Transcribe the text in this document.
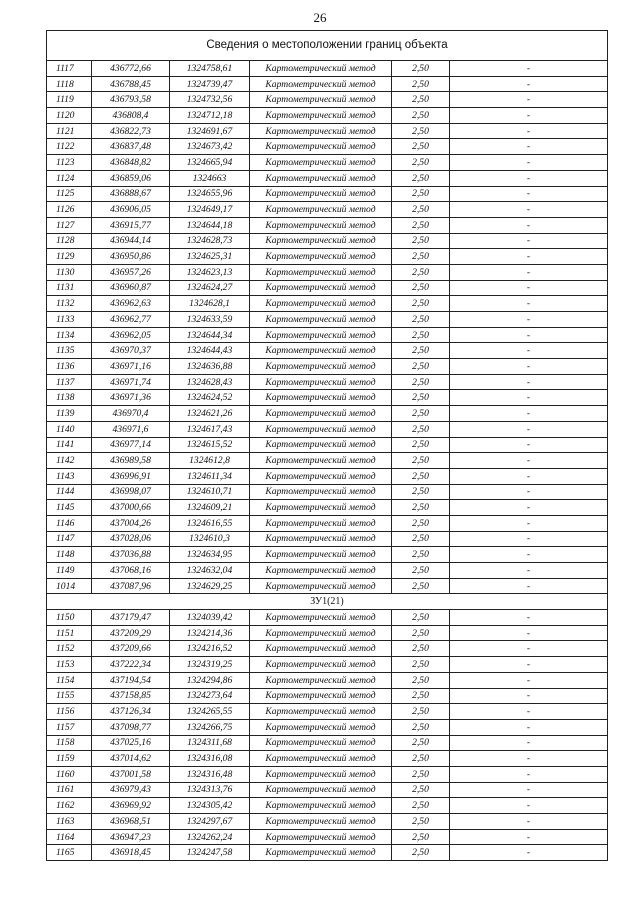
26
Сведения о местоположении границ объекта					
1117	436772,66	1324758,61	Картометрический метод	2,50	-
1118	436788,45	1324739,47	Картометрический метод	2,50	-
1119	436793,58	1324732,56	Картометрический метод	2,50	-
1120	436808,4	1324712,18	Картометрический метод	2,50	-
1121	436822,73	1324691,67	Картометрический метод	2,50	-
1122	436837,48	1324673,42	Картометрический метод	2,50	-
1123	436848,82	1324665,94	Картометрический метод	2,50	-
1124	436859,06	1324663	Картометрический метод	2,50	-
1125	436888,67	1324655,96	Картометрический метод	2,50	-
1126	436906,05	1324649,17	Картометрический метод	2,50	-
1127	436915,77	1324644,18	Картометрический метод	2,50	-
1128	436944,14	1324628,73	Картометрический метод	2,50	-
1129	436950,86	1324625,31	Картометрический метод	2,50	-
1130	436957,26	1324623,13	Картометрический метод	2,50	-
1131	436960,87	1324624,27	Картометрический метод	2,50	-
1132	436962,63	1324628,1	Картометрический метод	2,50	-
1133	436962,77	1324633,59	Картометрический метод	2,50	-
1134	436962,05	1324644,34	Картометрический метод	2,50	-
1135	436970,37	1324644,43	Картометрический метод	2,50	-
1136	436971,16	1324636,88	Картометрический метод	2,50	-
1137	436971,74	1324628,43	Картометрический метод	2,50	-
1138	436971,36	1324624,52	Картометрический метод	2,50	-
1139	436970,4	1324621,26	Картометрический метод	2,50	-
1140	436971,6	1324617,43	Картометрический метод	2,50	-
1141	436977,14	1324615,52	Картометрический метод	2,50	-
1142	436989,58	1324612,8	Картометрический метод	2,50	-
1143	436996,91	1324611,34	Картометрический метод	2,50	-
1144	436998,07	1324610,71	Картометрический метод	2,50	-
1145	437000,66	1324609,21	Картометрический метод	2,50	-
1146	437004,26	1324616,55	Картометрический метод	2,50	-
1147	437028,06	1324610,3	Картометрический метод	2,50	-
1148	437036,88	1324634,95	Картометрический метод	2,50	-
1149	437068,16	1324632,04	Картометрический метод	2,50	-
1014	437087,96	1324629,25	Картометрический метод	2,50	-
ЗУ1(21)					
1150	437179,47	1324039,42	Картометрический метод	2,50	-
1151	437209,29	1324214,36	Картометрический метод	2,50	-
1152	437209,66	1324216,52	Картометрический метод	2,50	-
1153	437222,34	1324319,25	Картометрический метод	2,50	-
1154	437194,54	1324294,86	Картометрический метод	2,50	-
1155	437158,85	1324273,64	Картометрический метод	2,50	-
1156	437126,34	1324265,55	Картометрический метод	2,50	-
1157	437098,77	1324266,75	Картометрический метод	2,50	-
1158	437025,16	1324311,68	Картометрический метод	2,50	-
1159	437014,62	1324316,08	Картометрический метод	2,50	-
1160	437001,58	1324316,48	Картометрический метод	2,50	-
1161	436979,43	1324313,76	Картометрический метод	2,50	-
1162	436969,92	1324305,42	Картометрический метод	2,50	-
1163	436968,51	1324297,67	Картометрический метод	2,50	-
1164	436947,23	1324262,24	Картометрический метод	2,50	-
1165	436918,45	1324247,58	Картометрический метод	2,50	-
